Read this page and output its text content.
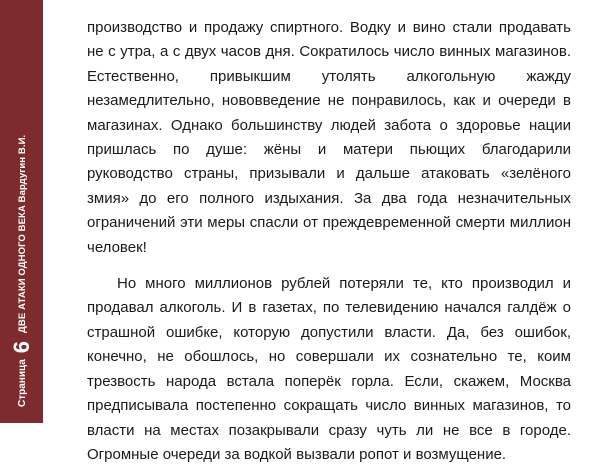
Страница
6
ДВЕ АТАКИ ОДНОГО ВЕКА Вардугин В.И.

производство и продажу спиртного. Водку и вино стали продавать не с утра, а с двух часов дня. Сократилось число винных магазинов. Естественно, привыкшим утолять алкогольную жажду незамедлительно, нововведение не понравилось, как и очереди в магазинах. Однако большинству людей забота о здоровье нации пришлась по душе: жёны и матери пьющих благодарили руководство страны, призывали и дальше атаковать «зелёного змия» до его полного издыхания. За два года незначительных ограничений эти меры спасли от преждевременной смерти миллион человек!

Но много миллионов рублей потеряли те, кто производил и продавал алкоголь. И в газетах, по телевидению начался галдёж о страшной ошибке, которую допустили власти. Да, без ошибок, конечно, не обошлось, но совершали их сознательно те, коим трезвость народа встала поперёк горла. Если, скажем, Москва предписывала постепенно сокращать число винных магазинов, то власти на местах позакрывали сразу чуть ли не все в городе. Огромные очереди за водкой вызвали ропот и возмущение.
